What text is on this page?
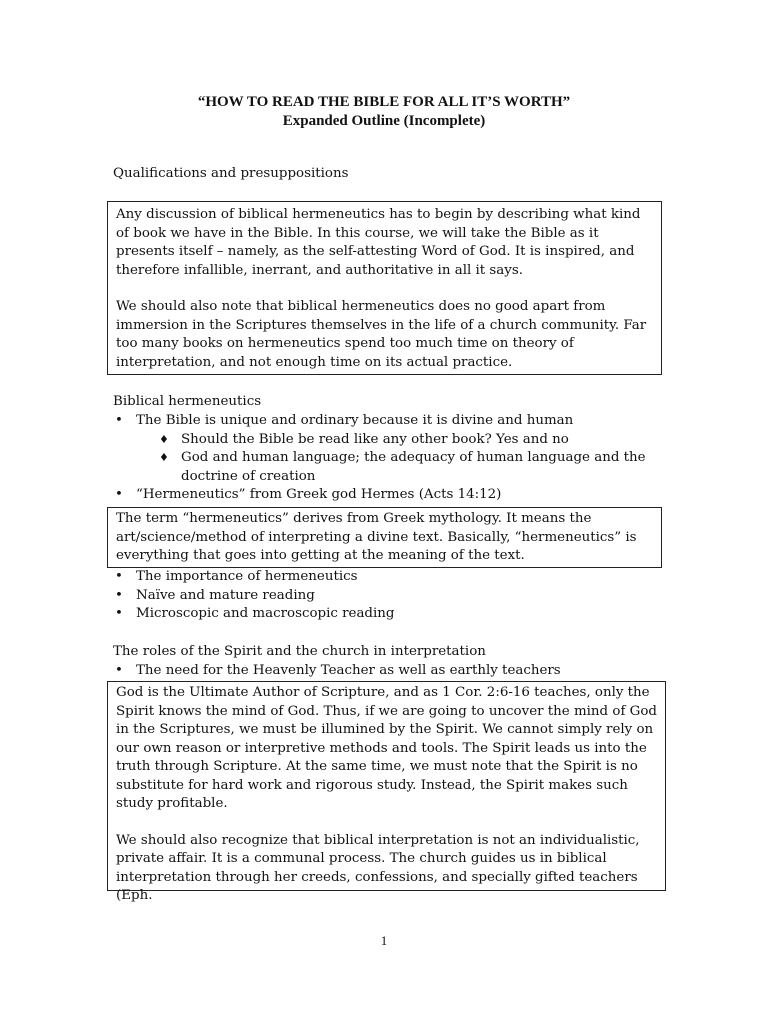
“HOW TO READ THE BIBLE FOR ALL IT’S WORTH”
Expanded Outline (Incomplete)
Qualifications and presuppositions

Any discussion of biblical hermeneutics has to begin by describing what kind of book we have in the Bible. In this course, we will take the Bible as it presents itself – namely, as the self-attesting Word of God. It is inspired, and therefore infallible, inerrant, and authoritative in all it says.

We should also note that biblical hermeneutics does no good apart from immersion in the Scriptures themselves in the life of a church community. Far too many books on hermeneutics spend too much time on theory of interpretation, and not enough time on its actual practice.

Biblical hermeneutics
• The Bible is unique and ordinary because it is divine and human
♦ Should the Bible be read like any other book? Yes and no
♦ God and human language; the adequacy of human language and the doctrine of creation
• “Hermeneutics” from Greek god Hermes (Acts 14:12)

The term “hermeneutics” derives from Greek mythology. It means the art/science/method of interpreting a divine text. Basically, “hermeneutics” is everything that goes into getting at the meaning of the text.

• The importance of hermeneutics
• Naïve and mature reading
• Microscopic and macroscopic reading
The roles of the Spirit and the church in interpretation
• The need for the Heavenly Teacher as well as earthly teachers

God is the Ultimate Author of Scripture, and as 1 Cor. 2:6-16 teaches, only the Spirit knows the mind of God. Thus, if we are going to uncover the mind of God in the Scriptures, we must be illumined by the Spirit. We cannot simply rely on our own reason or interpretive methods and tools. The Spirit leads us into the truth through Scripture. At the same time, we must note that the Spirit is no substitute for hard work and rigorous study. Instead, the Spirit makes such study profitable.

We should also recognize that biblical interpretation is not an individualistic, private affair. It is a communal process. The church guides us in biblical interpretation through her creeds, confessions, and specially gifted teachers (Eph.

1
